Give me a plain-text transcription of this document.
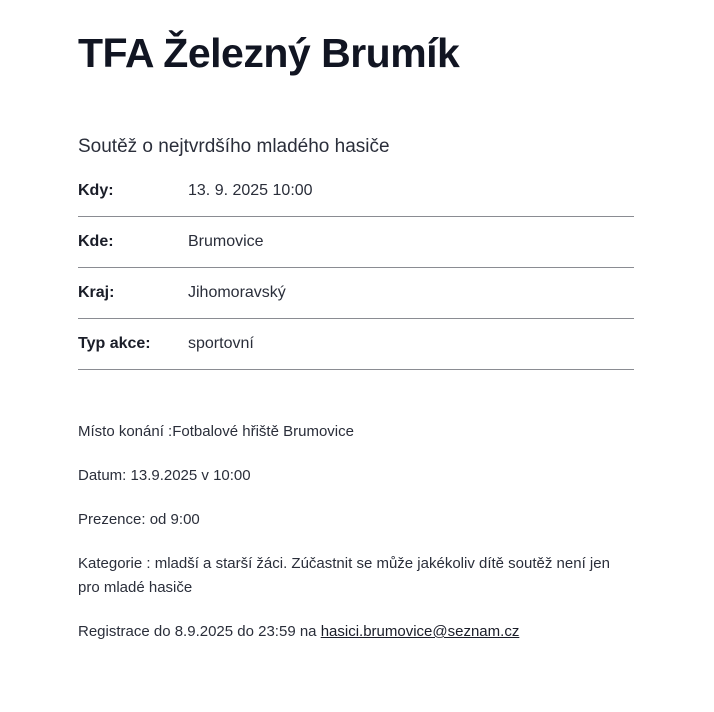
TFA Železný Brumík
Soutěž o nejtvrdšího mladého hasiče
Kdy:	13. 9. 2025 10:00
Kde:	Brumovice
Kraj:	Jihomoravský
Typ akce:	sportovní

Místo konání :Fotbalové hřiště Brumovice

Datum: 13.9.2025 v 10:00

Prezence: od 9:00

Kategorie : mladší a starší žáci. Zúčastnit se může jakékoliv dítě soutěž není jen pro mladé hasiče

Registrace do 8.9.2025 do 23:59 na hasici.brumovice@seznam.cz
